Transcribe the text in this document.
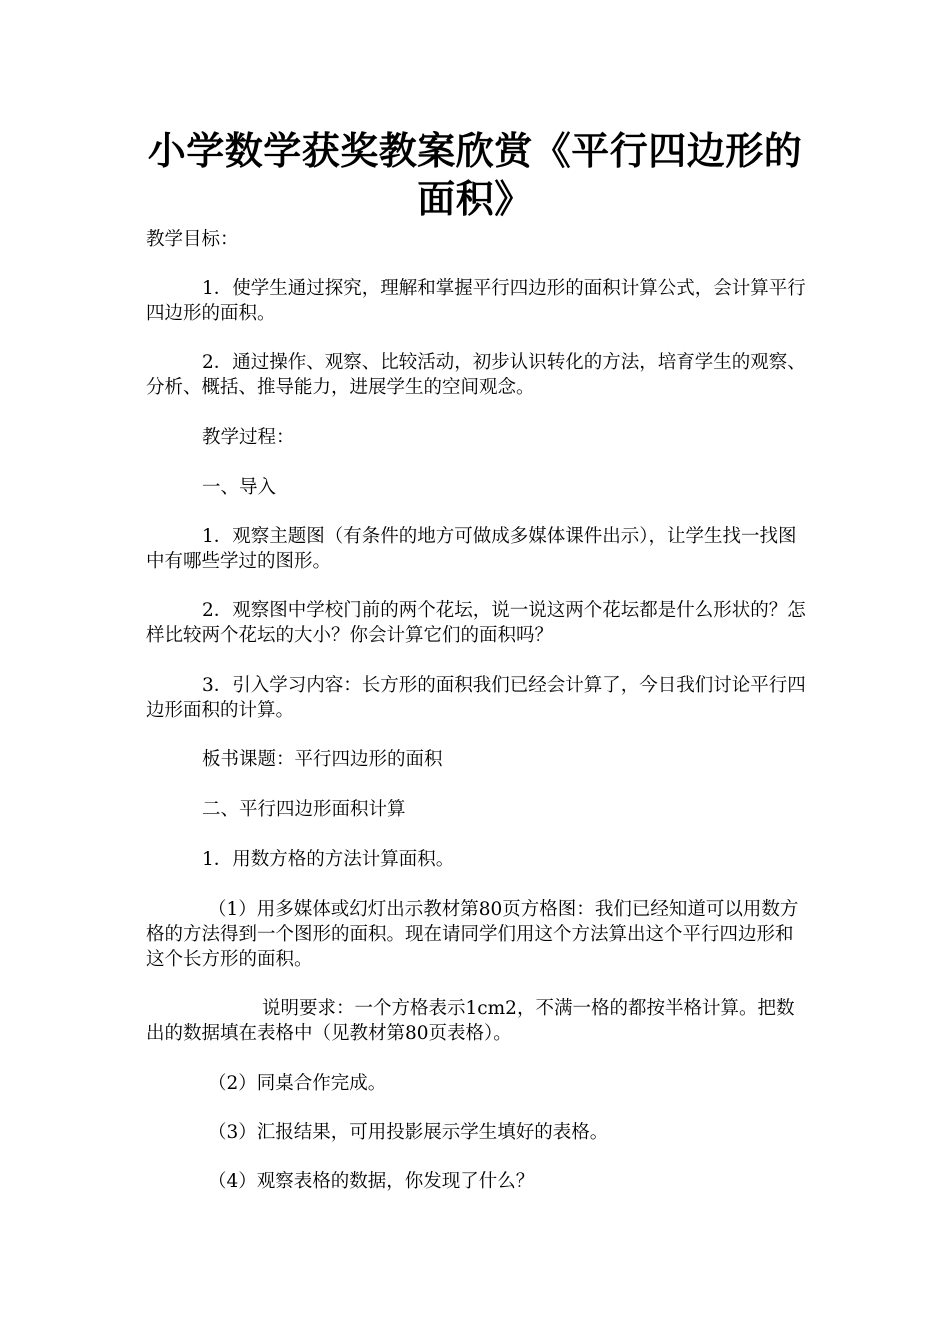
小学数学获奖教案欣赏《平行四边形的
面积》

教学目标：

1．使学生通过探究，理解和掌握平行四边形的面积计算公式，会计算平行四边形的面积。

2．通过操作、观察、比较活动，初步认识转化的方法，培育学生的观察、分析、概括、推导能力，进展学生的空间观念。

教学过程：

一、导入

1．观察主题图（有条件的地方可做成多媒体课件出示），让学生找一找图中有哪些学过的图形。

2．观察图中学校门前的两个花坛，说一说这两个花坛都是什么形状的？怎样比较两个花坛的大小？你会计算它们的面积吗？

3．引入学习内容：长方形的面积我们已经会计算了，今日我们讨论平行四边形面积的计算。

板书课题：平行四边形的面积

二、平行四边形面积计算

1．用数方格的方法计算面积。

（1）用多媒体或幻灯出示教材第80页方格图：我们已经知道可以用数方格的方法得到一个图形的面积。现在请同学们用这个方法算出这个平行四边形和这个长方形的面积。

说明要求：一个方格表示1cm2，不满一格的都按半格计算。把数出的数据填在表格中（见教材第80页表格）。

（2）同桌合作完成。

（3）汇报结果，可用投影展示学生填好的表格。

（4）观察表格的数据，你发现了什么？
